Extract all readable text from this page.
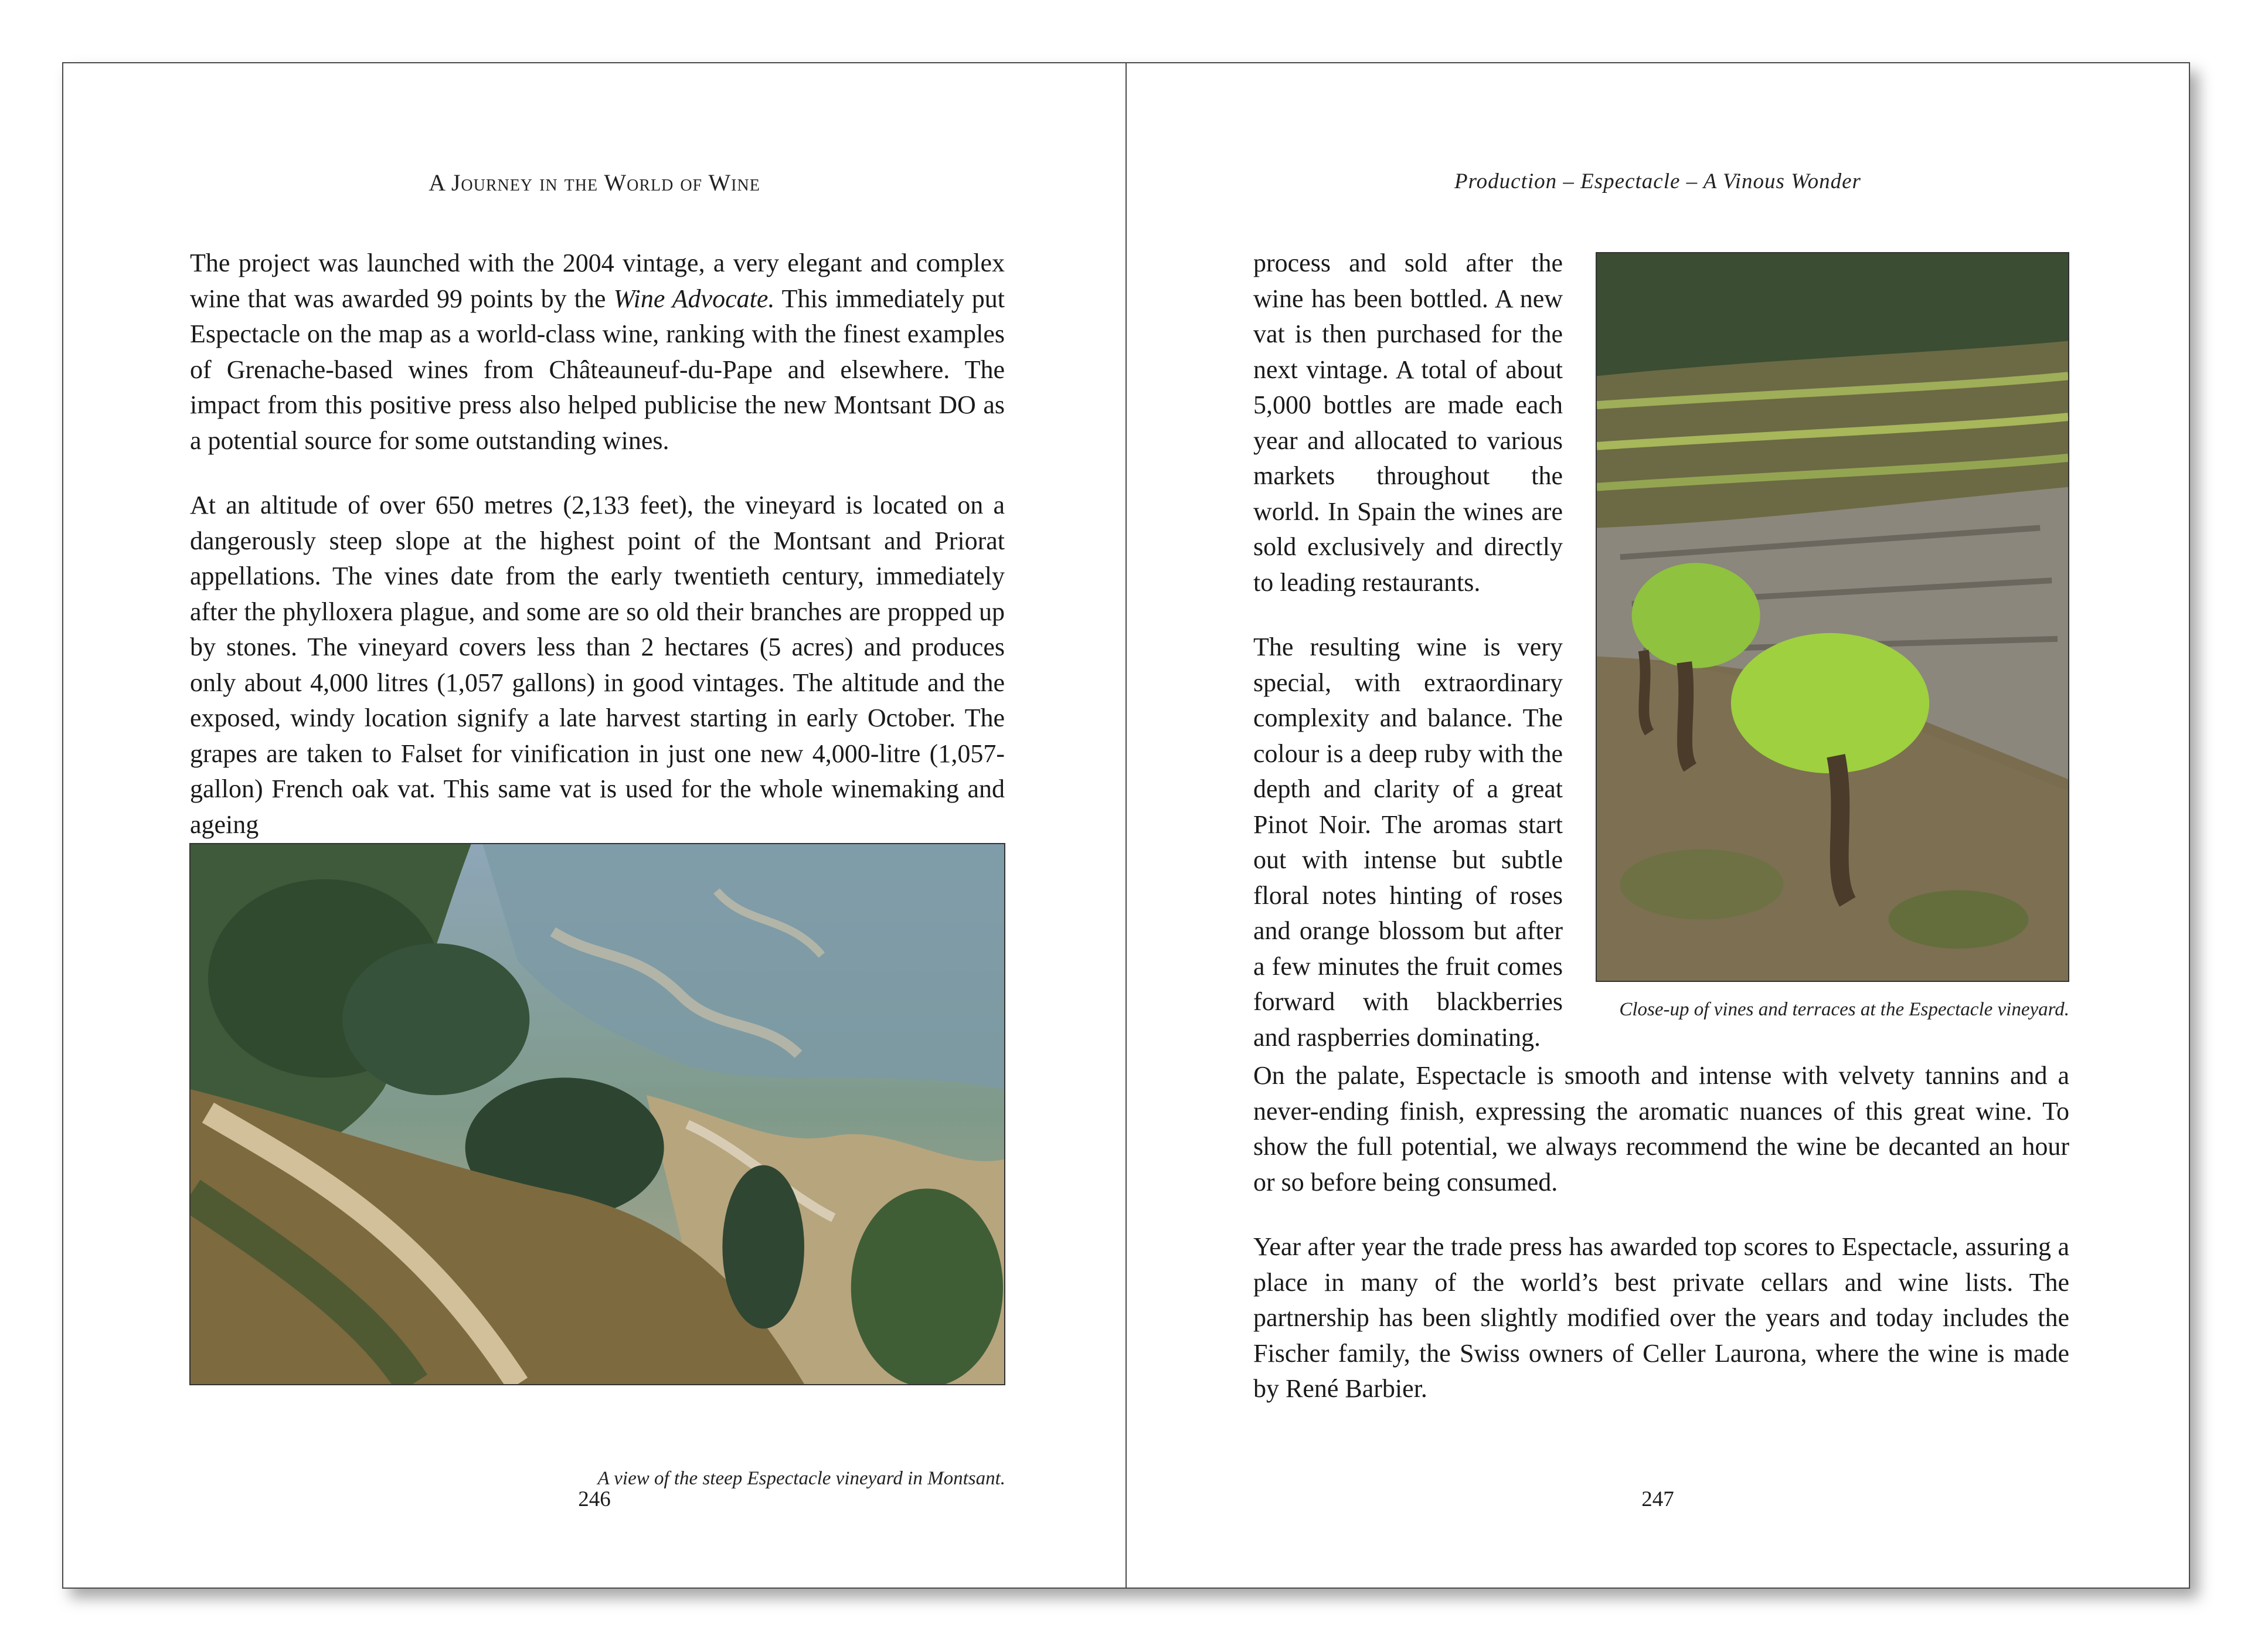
A Journey in the World of Wine

The project was launched with the 2004 vintage, a very elegant and complex wine that was awarded 99 points by the Wine Advocate. This immediately put Espectacle on the map as a world-class wine, ranking with the finest examples of Grenache-based wines from Châteauneuf-du-Pape and elsewhere. The impact from this positive press also helped publicise the new Montsant DO as a potential source for some outstanding wines.

At an altitude of over 650 metres (2,133 feet), the vineyard is located on a dangerously steep slope at the highest point of the Montsant and Priorat appellations. The vines date from the early twentieth century, immediately after the phylloxera plague, and some are so old their branches are propped up by stones. The vineyard covers less than 2 hectares (5 acres) and produces only about 4,000 litres (1,057 gallons) in good vintages. The altitude and the exposed, windy location signify a late harvest starting in early October. The grapes are taken to Falset for vinification in just one new 4,000-litre (1,057-gallon) French oak vat. This same vat is used for the whole winemaking and ageing

A view of the steep Espectacle vineyard in Montsant.
246
Production – Espectacle – A Vinous Wonder

process and sold after the wine has been bottled. A new vat is then purchased for the next vintage. A total of about 5,000 bottles are made each year and allocated to various markets throughout the world. In Spain the wines are sold exclusively and directly to leading restaurants.

The resulting wine is very special, with extraordinary complexity and balance. The colour is a deep ruby with the depth and clarity of a great Pinot Noir. The aromas start out with intense but subtle floral notes hinting of roses and orange blossom but after a few minutes the fruit comes forward with blackberries and raspberries dominating.

Close-up of vines and terraces at the Espectacle vineyard.

On the palate, Espectacle is smooth and intense with velvety tannins and a never-ending finish, expressing the aromatic nuances of this great wine. To show the full potential, we always recommend the wine be decanted an hour or so before being consumed.

Year after year the trade press has awarded top scores to Espectacle, assuring a place in many of the world’s best private cellars and wine lists. The partnership has been slightly modified over the years and today includes the Fischer family, the Swiss owners of Celler Laurona, where the wine is made by René Barbier.

247
